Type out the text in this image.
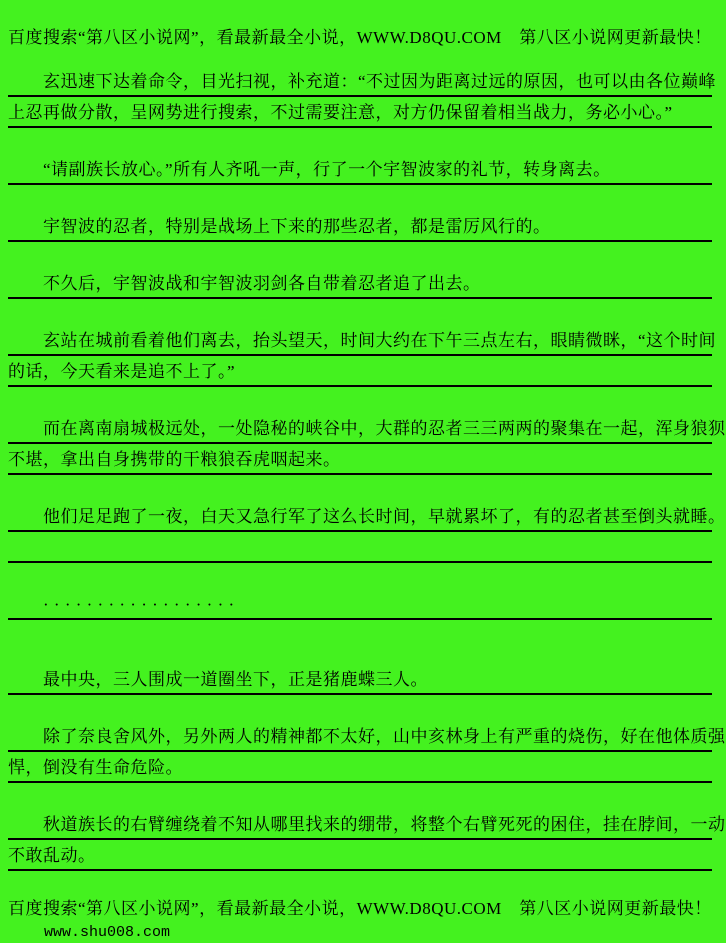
百度搜索“第八区小说网”，看最新最全小说，WWW.D8QU.COM　第八区小说网更新最快！
　　玄迅速下达着命令，目光扫视，补充道：“不过因为距离过远的原因，也可以由各位巅峰
上忍再做分散，呈网势进行搜索，不过需要注意，对方仍保留着相当战力，务必小心。”
　　“请副族长放心。”所有人齐吼一声，行了一个宇智波家的礼节，转身离去。
　　宇智波的忍者，特别是战场上下来的那些忍者，都是雷厉风行的。
　　不久后，宇智波战和宇智波羽剑各自带着忍者追了出去。
　　玄站在城前看着他们离去，抬头望天，时间大约在下午三点左右，眼睛微眯，“这个时间
的话，今天看来是追不上了。”
　　而在离南扇城极远处，一处隐秘的峡谷中，大群的忍者三三两两的聚集在一起，浑身狼狈
不堪，拿出自身携带的干粮狼吞虎咽起来。
　　他们足足跑了一夜，白天又急行军了这么长时间，早就累坏了，有的忍者甚至倒头就睡。
　　· · · · · · · · · · · · · · · · · ·
　　最中央，三人围成一道圈坐下，正是猪鹿蝶三人。
　　除了奈良舍风外，另外两人的精神都不太好，山中亥林身上有严重的烧伤，好在他体质强
悍，倒没有生命危险。
　　秋道族长的右臂缠绕着不知从哪里找来的绷带，将整个右臂死死的困住，挂在脖间，一动
不敢乱动。
百度搜索“第八区小说网”，看最新最全小说，WWW.D8QU.COM　第八区小说网更新最快！
www.shu008.com
